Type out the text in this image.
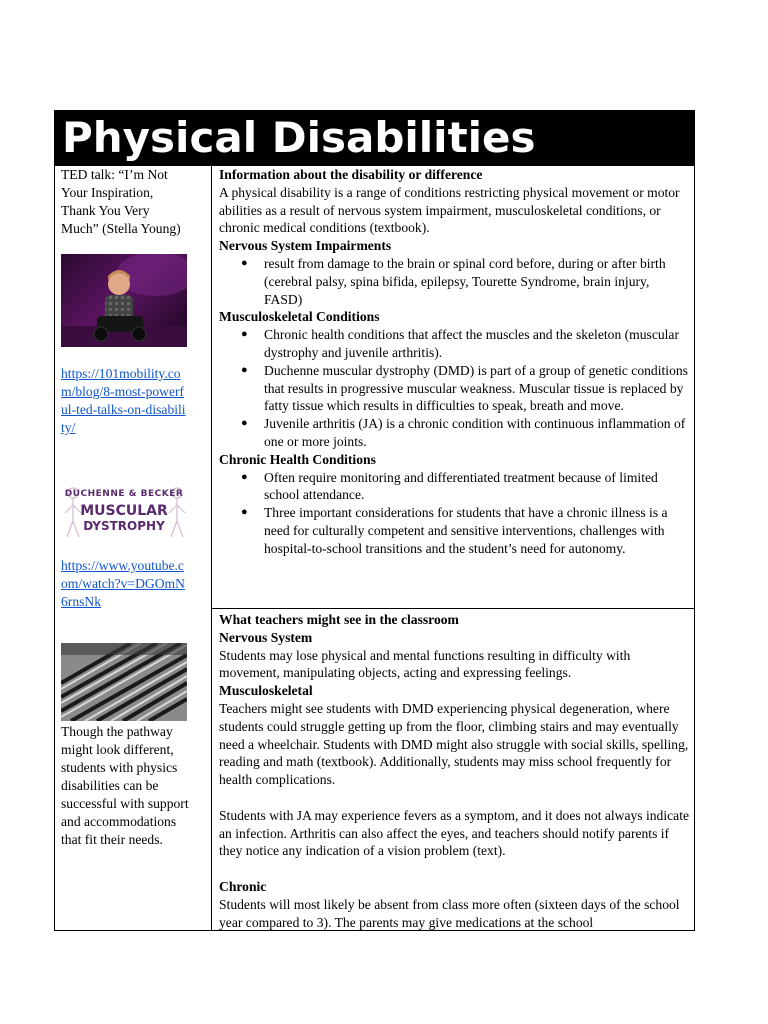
Physical Disabilities

TED talk: “I’m Not Your Inspiration, Thank You Very Much” (Stella Young)

https://101mobility.com/blog/8-most-powerful-ted-talks-on-disability/

DUCHENNE & BECKER
MUSCULAR
DYSTROPHY

https://www.youtube.com/watch?v=DGOmN6rnsNk

Though the pathway might look different, students with physics disabilities can be successful with support and accommodations that fit their needs.

Information about the disability or difference

A physical disability is a range of conditions restricting physical movement or motor abilities as a result of nervous system impairment, musculoskeletal conditions, or chronic medical conditions (textbook).

Nervous System Impairments

● result from damage to the brain or spinal cord before, during or after birth (cerebral palsy, spina bifida, epilepsy, Tourette Syndrome, brain injury, FASD)

Musculoskeletal Conditions

● Chronic health conditions that affect the muscles and the skeleton (muscular dystrophy and juvenile arthritis).
● Duchenne muscular dystrophy (DMD) is part of a group of genetic conditions that results in progressive muscular weakness. Muscular tissue is replaced by fatty tissue which results in difficulties to speak, breath and move.
● Juvenile arthritis (JA) is a chronic condition with continuous inflammation of one or more joints.

Chronic Health Conditions

● Often require monitoring and differentiated treatment because of limited school attendance.
● Three important considerations for students that have a chronic illness is a need for culturally competent and sensitive interventions, challenges with hospital-to-school transitions and the student’s need for autonomy.

What teachers might see in the classroom

Nervous System

Students may lose physical and mental functions resulting in difficulty with movement, manipulating objects, acting and expressing feelings.

Musculoskeletal

Teachers might see students with DMD experiencing physical degeneration, where students could struggle getting up from the floor, climbing stairs and may eventually need a wheelchair. Students with DMD might also struggle with social skills, spelling, reading and math (textbook). Additionally, students may miss school frequently for health complications.

Students with JA may experience fevers as a symptom, and it does not always indicate an infection. Arthritis can also affect the eyes, and teachers should notify parents if they notice any indication of a vision problem (text).

Chronic

Students will most likely be absent from class more often (sixteen days of the school year compared to 3). The parents may give medications at the school
